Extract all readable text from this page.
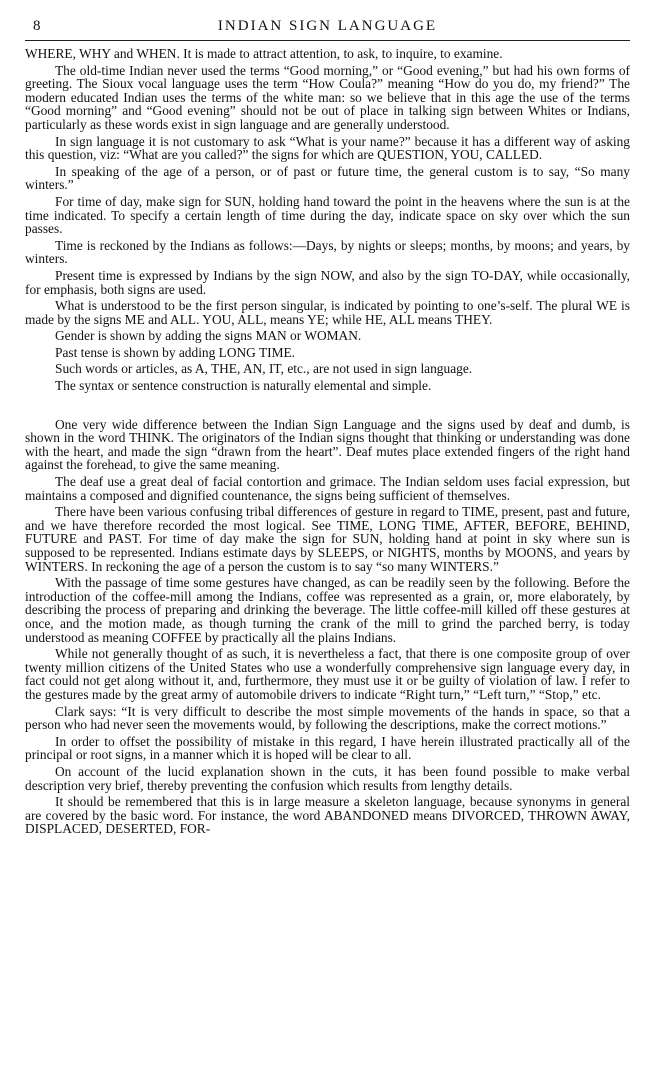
8	INDIAN SIGN LANGUAGE

WHERE, WHY and WHEN. It is made to attract attention, to ask, to inquire, to examine.

The old-time Indian never used the terms “Good morning,” or “Good evening,” but had his own forms of greeting. The Sioux vocal language uses the term “How Coula?” meaning “How do you do, my friend?” The modern educated Indian uses the terms of the white man: so we believe that in this age the use of the terms “Good morning” and “Good evening” should not be out of place in talking sign between Whites or Indians, particularly as these words exist in sign language and are generally understood.

In sign language it is not customary to ask “What is your name?” because it has a different way of asking this question, viz: “What are you called?” the signs for which are QUESTION, YOU, CALLED.

In speaking of the age of a person, or of past or future time, the general custom is to say, “So many winters.”

For time of day, make sign for SUN, holding hand toward the point in the heavens where the sun is at the time indicated. To specify a certain length of time during the day, indicate space on sky over which the sun passes.

Time is reckoned by the Indians as follows:—Days, by nights or sleeps; months, by moons; and years, by winters.

Present time is expressed by Indians by the sign NOW, and also by the sign TO-DAY, while occasionally, for emphasis, both signs are used.

What is understood to be the first person singular, is indicated by pointing to one’s-self. The plural WE is made by the signs ME and ALL. YOU, ALL, means YE; while HE, ALL means THEY.

Gender is shown by adding the signs MAN or WOMAN.

Past tense is shown by adding LONG TIME.

Such words or articles, as A, THE, AN, IT, etc., are not used in sign language.

The syntax or sentence construction is naturally elemental and simple.

One very wide difference between the Indian Sign Language and the signs used by deaf and dumb, is shown in the word THINK. The originators of the Indian signs thought that thinking or understanding was done with the heart, and made the sign “drawn from the heart”. Deaf mutes place extended fingers of the right hand against the forehead, to give the same meaning.

The deaf use a great deal of facial contortion and grimace. The Indian seldom uses facial expression, but maintains a composed and dignified countenance, the signs being sufficient of themselves.

There have been various confusing tribal differences of gesture in regard to TIME, present, past and future, and we have therefore recorded the most logical. See TIME, LONG TIME, AFTER, BEFORE, BEHIND, FUTURE and PAST. For time of day make the sign for SUN, holding hand at point in sky where sun is supposed to be represented. Indians estimate days by SLEEPS, or NIGHTS, months by MOONS, and years by WINTERS. In reckoning the age of a person the custom is to say “so many WINTERS.”

With the passage of time some gestures have changed, as can be readily seen by the following. Before the introduction of the coffee-mill among the Indians, coffee was represented as a grain, or, more elaborately, by describing the process of preparing and drinking the beverage. The little coffee-mill killed off these gestures at once, and the motion made, as though turning the crank of the mill to grind the parched berry, is today understood as meaning COFFEE by practically all the plains Indians.

While not generally thought of as such, it is nevertheless a fact, that there is one composite group of over twenty million citizens of the United States who use a wonderfully comprehensive sign language every day, in fact could not get along without it, and, furthermore, they must use it or be guilty of violation of law. I refer to the gestures made by the great army of automobile drivers to indicate “Right turn,” “Left turn,” “Stop,” etc.

Clark says: “It is very difficult to describe the most simple movements of the hands in space, so that a person who had never seen the movements would, by following the descriptions, make the correct motions.”

In order to offset the possibility of mistake in this regard, I have herein illustrated practically all of the principal or root signs, in a manner which it is hoped will be clear to all.

On account of the lucid explanation shown in the cuts, it has been found possible to make verbal description very brief, thereby preventing the confusion which results from lengthy details.

It should be remembered that this is in large measure a skeleton language, because synonyms in general are covered by the basic word. For instance, the word ABANDONED means DIVORCED, THROWN AWAY, DISPLACED, DESERTED, FOR-
